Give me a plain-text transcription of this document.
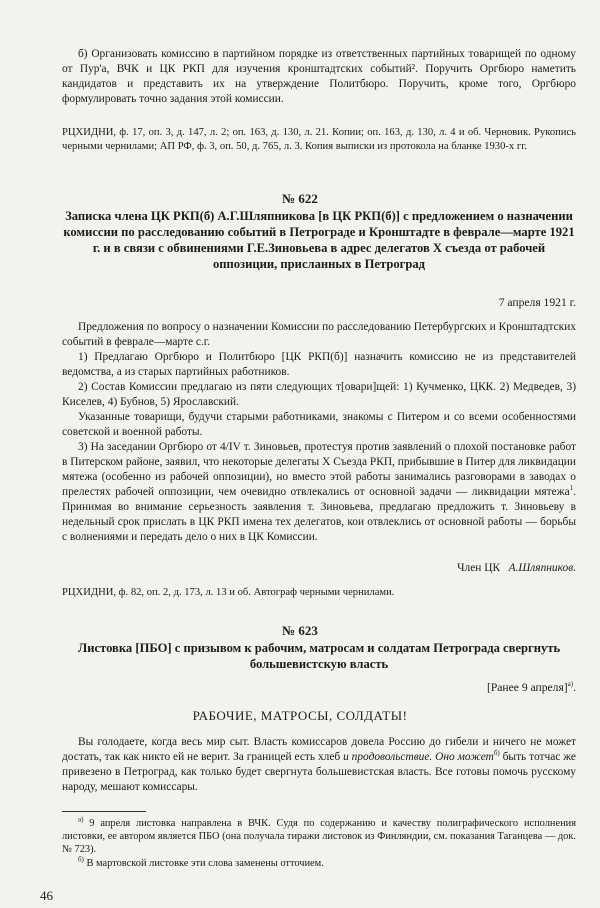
б) Организовать комиссию в партийном порядке из ответственных партийных товарищей по одному от Пур'а, ВЧК и ЦК РКП для изучения кронштадтских событий². Поручить Оргбюро наметить кандидатов и представить их на утверждение Политбюро. Поручить, кроме того, Оргбюро формулировать точно задания этой комиссии.

РЦХИДНИ, ф. 17, оп. 3, д. 147, л. 2; оп. 163, д. 130, л. 21. Копии; оп. 163, д. 130, л. 4 и об. Черновик. Рукопись черными чернилами; АП РФ, ф. 3, оп. 50, д. 765, л. 3. Копия выписки из протокола на бланке 1930-х гг.

№ 622

Записка члена ЦК РКП(б) А.Г.Шляпникова [в ЦК РКП(б)] с предложением о назначении комиссии по расследованию событий в Петрограде и Кронштадте в феврале—марте 1921 г. и в связи с обвинениями Г.Е.Зиновьева в адрес делегатов X съезда от рабочей оппозиции, присланных в Петроград

7 апреля 1921 г.

Предложения по вопросу о назначении Комиссии по расследованию Петербургских и Кронштадтских событий в феврале—марте с.г.

1) Предлагаю Оргбюро и Политбюро [ЦК РКП(б)] назначить комиссию не из представителей ведомства, а из старых партийных работников.

2) Состав Комиссии предлагаю из пяти следующих т[овари]щей: 1) Кучменко, ЦКК. 2) Медведев, 3) Киселев, 4) Бубнов, 5) Ярославский.

Указанные товарищи, будучи старыми работниками, знакомы с Питером и со всеми особенностями советской и военной работы.

3) На заседании Оргбюро от 4/IV т. Зиновьев, протестуя против заявлений о плохой постановке работ в Питерском районе, заявил, что некоторые делегаты X Съезда РКП, прибывшие в Питер для ликвидации мятежа (особенно из рабочей оппозиции), но вместо этой работы занимались разговорами в заводах о прелестях рабочей оппозиции, чем очевидно отвлекались от основной задачи — ликвидации мятежа$^1$. Принимая во внимание серьезность заявления т. Зиновьева, предлагаю предложить т. Зиновьеву в недельный срок прислать в ЦК РКП имена тех делегатов, кои отвлеклись от основной работы — борьбы с волнениями и передать дело о них в ЦК Комиссии.

Член ЦК А.Шляпников.

РЦХИДНИ, ф. 82, оп. 2, д. 173, л. 13 и об. Автограф черными чернилами.

№ 623

Листовка [ПБО] с призывом к рабочим, матросам и солдатам Петрограда свергнуть большевистскую власть

[Ранее 9 апреля]$^{а)}$.
РАБОЧИЕ, МАТРОСЫ, СОЛДАТЫ!

Вы голодаете, когда весь мир сыт. Власть комиссаров довела Россию до гибели и ничего не может достать, так как никто ей не верит. За границей есть хлеб и продовольствие. Оно может$^{б)}$ быть тотчас же привезено в Петроград, как только будет свергнута большевистская власть. Все готовы помочь русскому народу, мешают комиссары.

$^{а)}$ 9 апреля листовка направлена в ВЧК. Судя по содержанию и качеству полиграфического исполнения листовки, ее автором является ПБО (она получала тиражи листовок из Финляндии, см. показания Таганцева — док. № 723).

$^{б)}$ В мартовской листовке эти слова заменены отточием.

46
